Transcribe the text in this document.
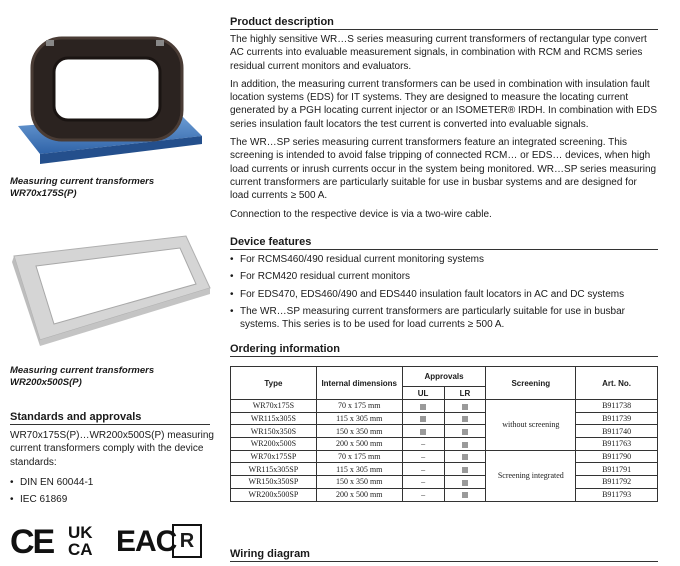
Measuring current transformers
WR70x175S(P)
Measuring current transformers
WR200x500S(P)
Standards and approvals
WR70x175S(P)…WR200x500S(P) measuring current transformers comply with the device standards:
• DIN EN 60044-1
• IEC 61869
CE UK CA EAC R
Product description

The highly sensitive WR…S series measuring current transformers of rectangular type convert AC currents into evaluable measurement signals, in combination with RCM and RCMS series residual current monitors and evaluators.

In addition, the measuring current transformers can be used in combination with insulation fault location systems (EDS) for IT systems. They are designed to measure the locating current generated by a PGH locating current injector or an ISOMETER® IRDH. In combination with EDS series insulation fault locators the test current is converted into evaluable signals.

The WR…SP series measuring current transformers feature an integrated screening. This screening is intended to avoid false tripping of connected RCM… or EDS… devices, when high load currents or inrush currents occur in the system being monitored. WR…SP series measuring current transformers are particularly suitable for use in busbar systems and are designed for load currents ≥ 500 A.

Connection to the respective device is via a two-wire cable.

Device features
• For RCMS460/490 residual current monitoring systems
• For RCM420 residual current monitors
• For EDS470, EDS460/490 and EDS440 insulation fault locators in AC and DC systems
• The WR…SP measuring current transformers are particularly suitable for use in busbar systems. This series is to be used for load currents ≥ 500 A.
Ordering information
Type	Internal dimensions	Approvals		Screening	Art. No.
		UL	LR		
WR70x175S	70 x 175 mm			without screening	B911738
WR115x305S	115 x 305 mm				B911739
WR150x350S	150 x 350 mm				B911740
WR200x500S	200 x 500 mm	–			B911763
WR70x175SP	70 x 175 mm	–		Screening integrated	B911790
WR115x305SP	115 x 305 mm	–			B911791
WR150x350SP	150 x 350 mm	–			B911792
WR200x500SP	200 x 500 mm	–			B911793
Wiring diagram
